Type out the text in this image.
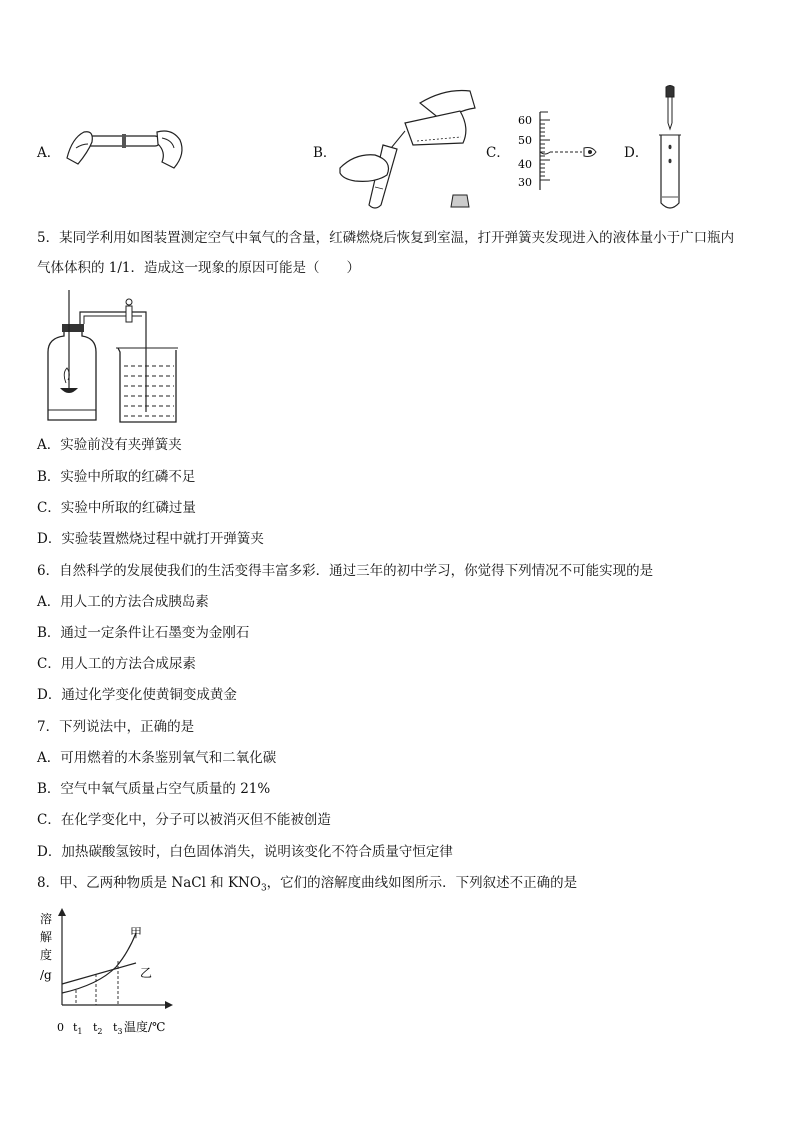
A．	B．	C．
60
50
40
30
D．
5．某同学利用如图装置测定空气中氧气的含量，红磷燃烧后恢复到室温，打开弹簧夹发现进入的液体量小于广口瓶内
气体体积的 1/1．造成这一现象的原因可能是（　　）
A．实验前没有夹弹簧夹
B．实验中所取的红磷不足
C．实验中所取的红磷过量
D．实验装置燃烧过程中就打开弹簧夹
6．自然科学的发展使我们的生活变得丰富多彩．通过三年的初中学习，你觉得下列情况不可能实现的是
A．用人工的方法合成胰岛素
B．通过一定条件让石墨变为金刚石
C．用人工的方法合成尿素
D．通过化学变化使黄铜变成黄金
7．下列说法中，正确的是
A．可用燃着的木条鉴别氧气和二氧化碳
B．空气中氧气质量占空气质量的 21%
C．在化学变化中，分子可以被消灭但不能被创造
D．加热碳酸氢铵时，白色固体消失，说明该变化不符合质量守恒定律
8．甲、乙两种物质是 NaCl 和 $KNO_3$，它们的溶解度曲线如图所示．下列叙述不正确的是
溶
解
度
/g
甲
乙
0 $t_1$ $t_2$ $t_3$ 温度/℃
